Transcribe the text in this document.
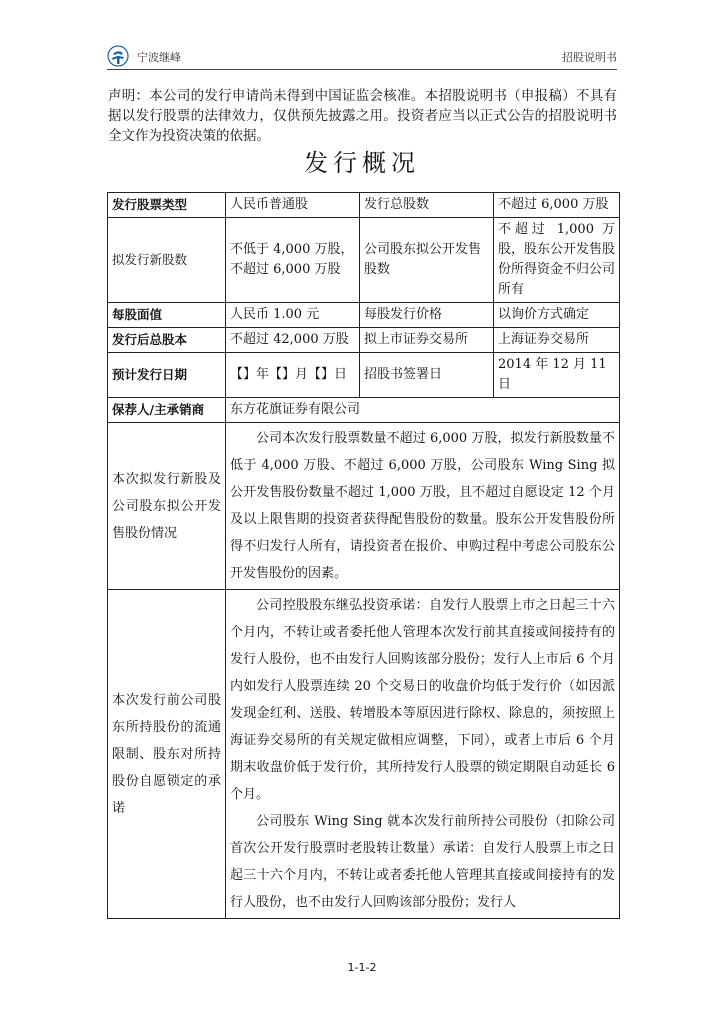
宁波继峰	招股说明书

声明：本公司的发行申请尚未得到中国证监会核准。本招股说明书（申报稿）不具有据以发行股票的法律效力，仅供预先披露之用。投资者应当以正式公告的招股说明书全文作为投资决策的依据。

发行概况
发行股票类型	人民币普通股	发行总股数	不超过 6,000 万股
拟发行新股数	不低于 4,000 万股，不超过 6,000 万股	公司股东拟公开发售股数	不超过 1,000 万股，股东公开发售股份所得资金不归公司所有
每股面值	人民币 1.00 元	每股发行价格	以询价方式确定
发行后总股本	不超过 42,000 万股	拟上市证券交易所	上海证券交易所
预计发行日期	【】年【】月【】日	招股书签署日	2014 年 12 月 11 日
保荐人/主承销商	东方花旗证券有限公司		
本次拟发行新股及公司股东拟公开发售股份情况	公司本次发行股票数量不超过 6,000 万股，拟发行新股数量不低于 4,000 万股、不超过 6,000 万股，公司股东 Wing Sing 拟公开发售股份数量不超过 1,000 万股，且不超过自愿设定 12 个月及以上限售期的投资者获得配售股份的数量。股东公开发售股份所得不归发行人所有，请投资者在报价、申购过程中考虑公司股东公开发售股份的因素。		

本次发行前公司股东所持股份的流通限制、股东对所持股份自愿锁定的承诺	公司控股股东继弘投资承诺：自发行人股票上市之日起三十六个月内，不转让或者委托他人管理本次发行前其直接或间接持有的发行人股份，也不由发行人回购该部分股份；发行人上市后 6 个月内如发行人股票连续 20 个交易日的收盘价均低于发行价（如因派发现金红利、送股、转增股本等原因进行除权、除息的，须按照上海证券交易所的有关规定做相应调整，下同），或者上市后 6 个月期末收盘价低于发行价，其所持发行人股票的锁定期限自动延长 6 个月。
公司股东 Wing Sing 就本次发行前所持公司股份（扣除公司首次公开发行股票时老股转让数量）承诺：自发行人股票上市之日起三十六个月内，不转让或者委托他人管理其直接或间接持有的发行人股份，也不由发行人回购该部分股份；发行人		
1-1-2
